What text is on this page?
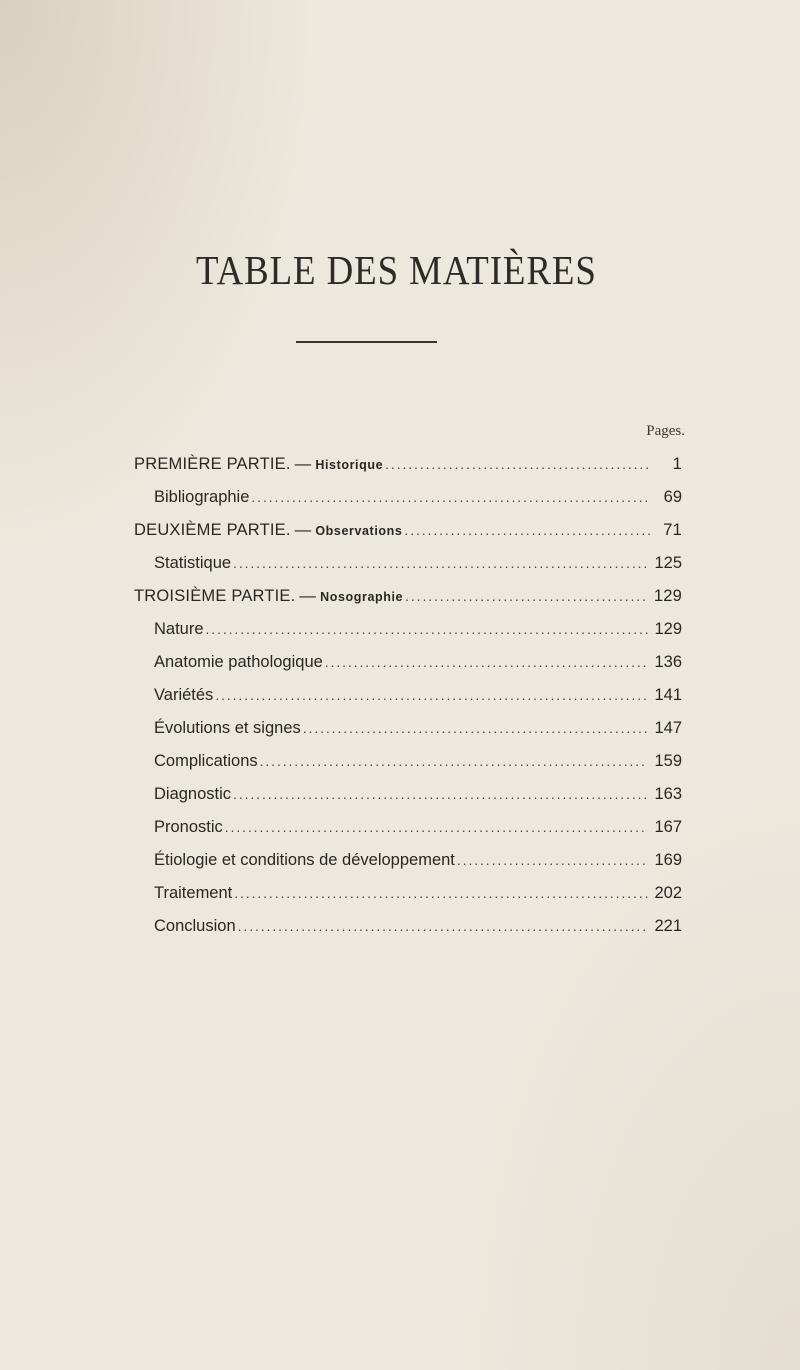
TABLE DES MATIÈRES
Pages.
PREMIÈRE PARTIE. — Historique . . .	1
Bibliographie . . .	69
DEUXIÈME PARTIE. — Observations . . .	71
Statistique . . .	125
TROISIÈME PARTIE. — Nosographie . . .	129
Nature . . .	129
Anatomie pathologique . . .	136
Variétés . . .	141
Évolutions et signes . . .	147
Complications . . .	159
Diagnostic . . .	163
Pronostic . . .	167
Étiologie et conditions de développement . . .	169
Traitement . . .	202
Conclusion . . .	221
